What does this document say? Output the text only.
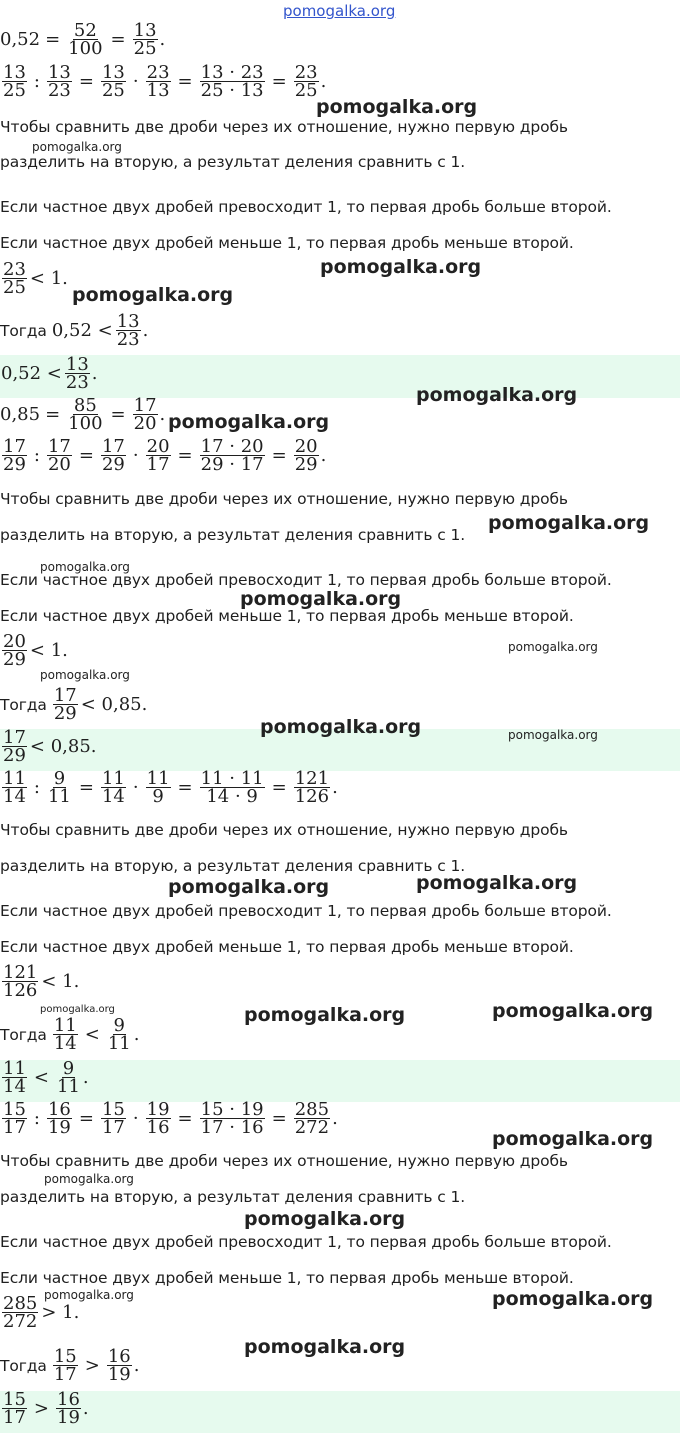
pomogalka.org
$0,52 = \frac{52}{100} = \frac{13}{25}$ .
$\frac{13}{25}$ : $\frac{13}{23} = \frac{13}{25} \cdot \frac{23}{13} = \frac{13 \cdot 23}{25 \cdot 13} = \frac{23}{25}$ .
Чтобы сравнить две дроби через их отношение, нужно первую дробь
разделить на вторую, а результат деления сравнить с 1.
Если частное двух дробей превосходит 1, то первая дробь больше второй.
Если частное двух дробей меньше 1, то первая дробь меньше второй.
$\frac{23}{25} < 1$.
Тогда $0,52 < \frac{13}{23}$ .
$0,52 < \frac{13}{23}$ .
$0,85 = \frac{85}{100} = \frac{17}{20}$ .
$\frac{17}{29}$ : $\frac{17}{20} = \frac{17}{29} \cdot \frac{20}{17} = \frac{17 \cdot 20}{29 \cdot 17} = \frac{20}{29}$ .
Чтобы сравнить две дроби через их отношение, нужно первую дробь
разделить на вторую, а результат деления сравнить с 1.
Если частное двух дробей превосходит 1, то первая дробь больше второй.
Если частное двух дробей меньше 1, то первая дробь меньше второй.
$\frac{20}{29} < 1$.
Тогда $\frac{17}{29} < 0,85$.
$\frac{17}{29} < 0,85$.
$\frac{11}{14}$ : $\frac{9}{11} = \frac{11}{14} \cdot \frac{11}{9} = \frac{11 \cdot 11}{14 \cdot 9} = \frac{121}{126}$ .
Чтобы сравнить две дроби через их отношение, нужно первую дробь
разделить на вторую, а результат деления сравнить с 1.
Если частное двух дробей превосходит 1, то первая дробь больше второй.
Если частное двух дробей меньше 1, то первая дробь меньше второй.
$\frac{121}{126} < 1$.
Тогда $\frac{11}{14} < \frac{9}{11}$ .
$\frac{11}{14} < \frac{9}{11}$ .
$\frac{15}{17}$ : $\frac{16}{19} = \frac{15}{17} \cdot \frac{19}{16} = \frac{15 \cdot 19}{17 \cdot 16} = \frac{285}{272}$ .
Чтобы сравнить две дроби через их отношение, нужно первую дробь
разделить на вторую, а результат деления сравнить с 1.
Если частное двух дробей превосходит 1, то первая дробь больше второй.
Если частное двух дробей меньше 1, то первая дробь меньше второй.
$\frac{285}{272} > 1$.
Тогда $\frac{15}{17} > \frac{16}{19}$ .
$\frac{15}{17} > \frac{16}{19}$ .
pomogalka.org
pomogalka.org
pomogalka.org
pomogalka.org
pomogalka.org
pomogalka.org
pomogalka.org
pomogalka.org
pomogalka.org
pomogalka.org
pomogalka.org
pomogalka.org	pomogalka.org
pomogalka.org	pomogalka.org
pomogalka.org	pomogalka.org	pomogalka.org
pomogalka.org
pomogalka.org
pomogalka.org
pomogalka.org	pomogalka.org
pomogalka.org
